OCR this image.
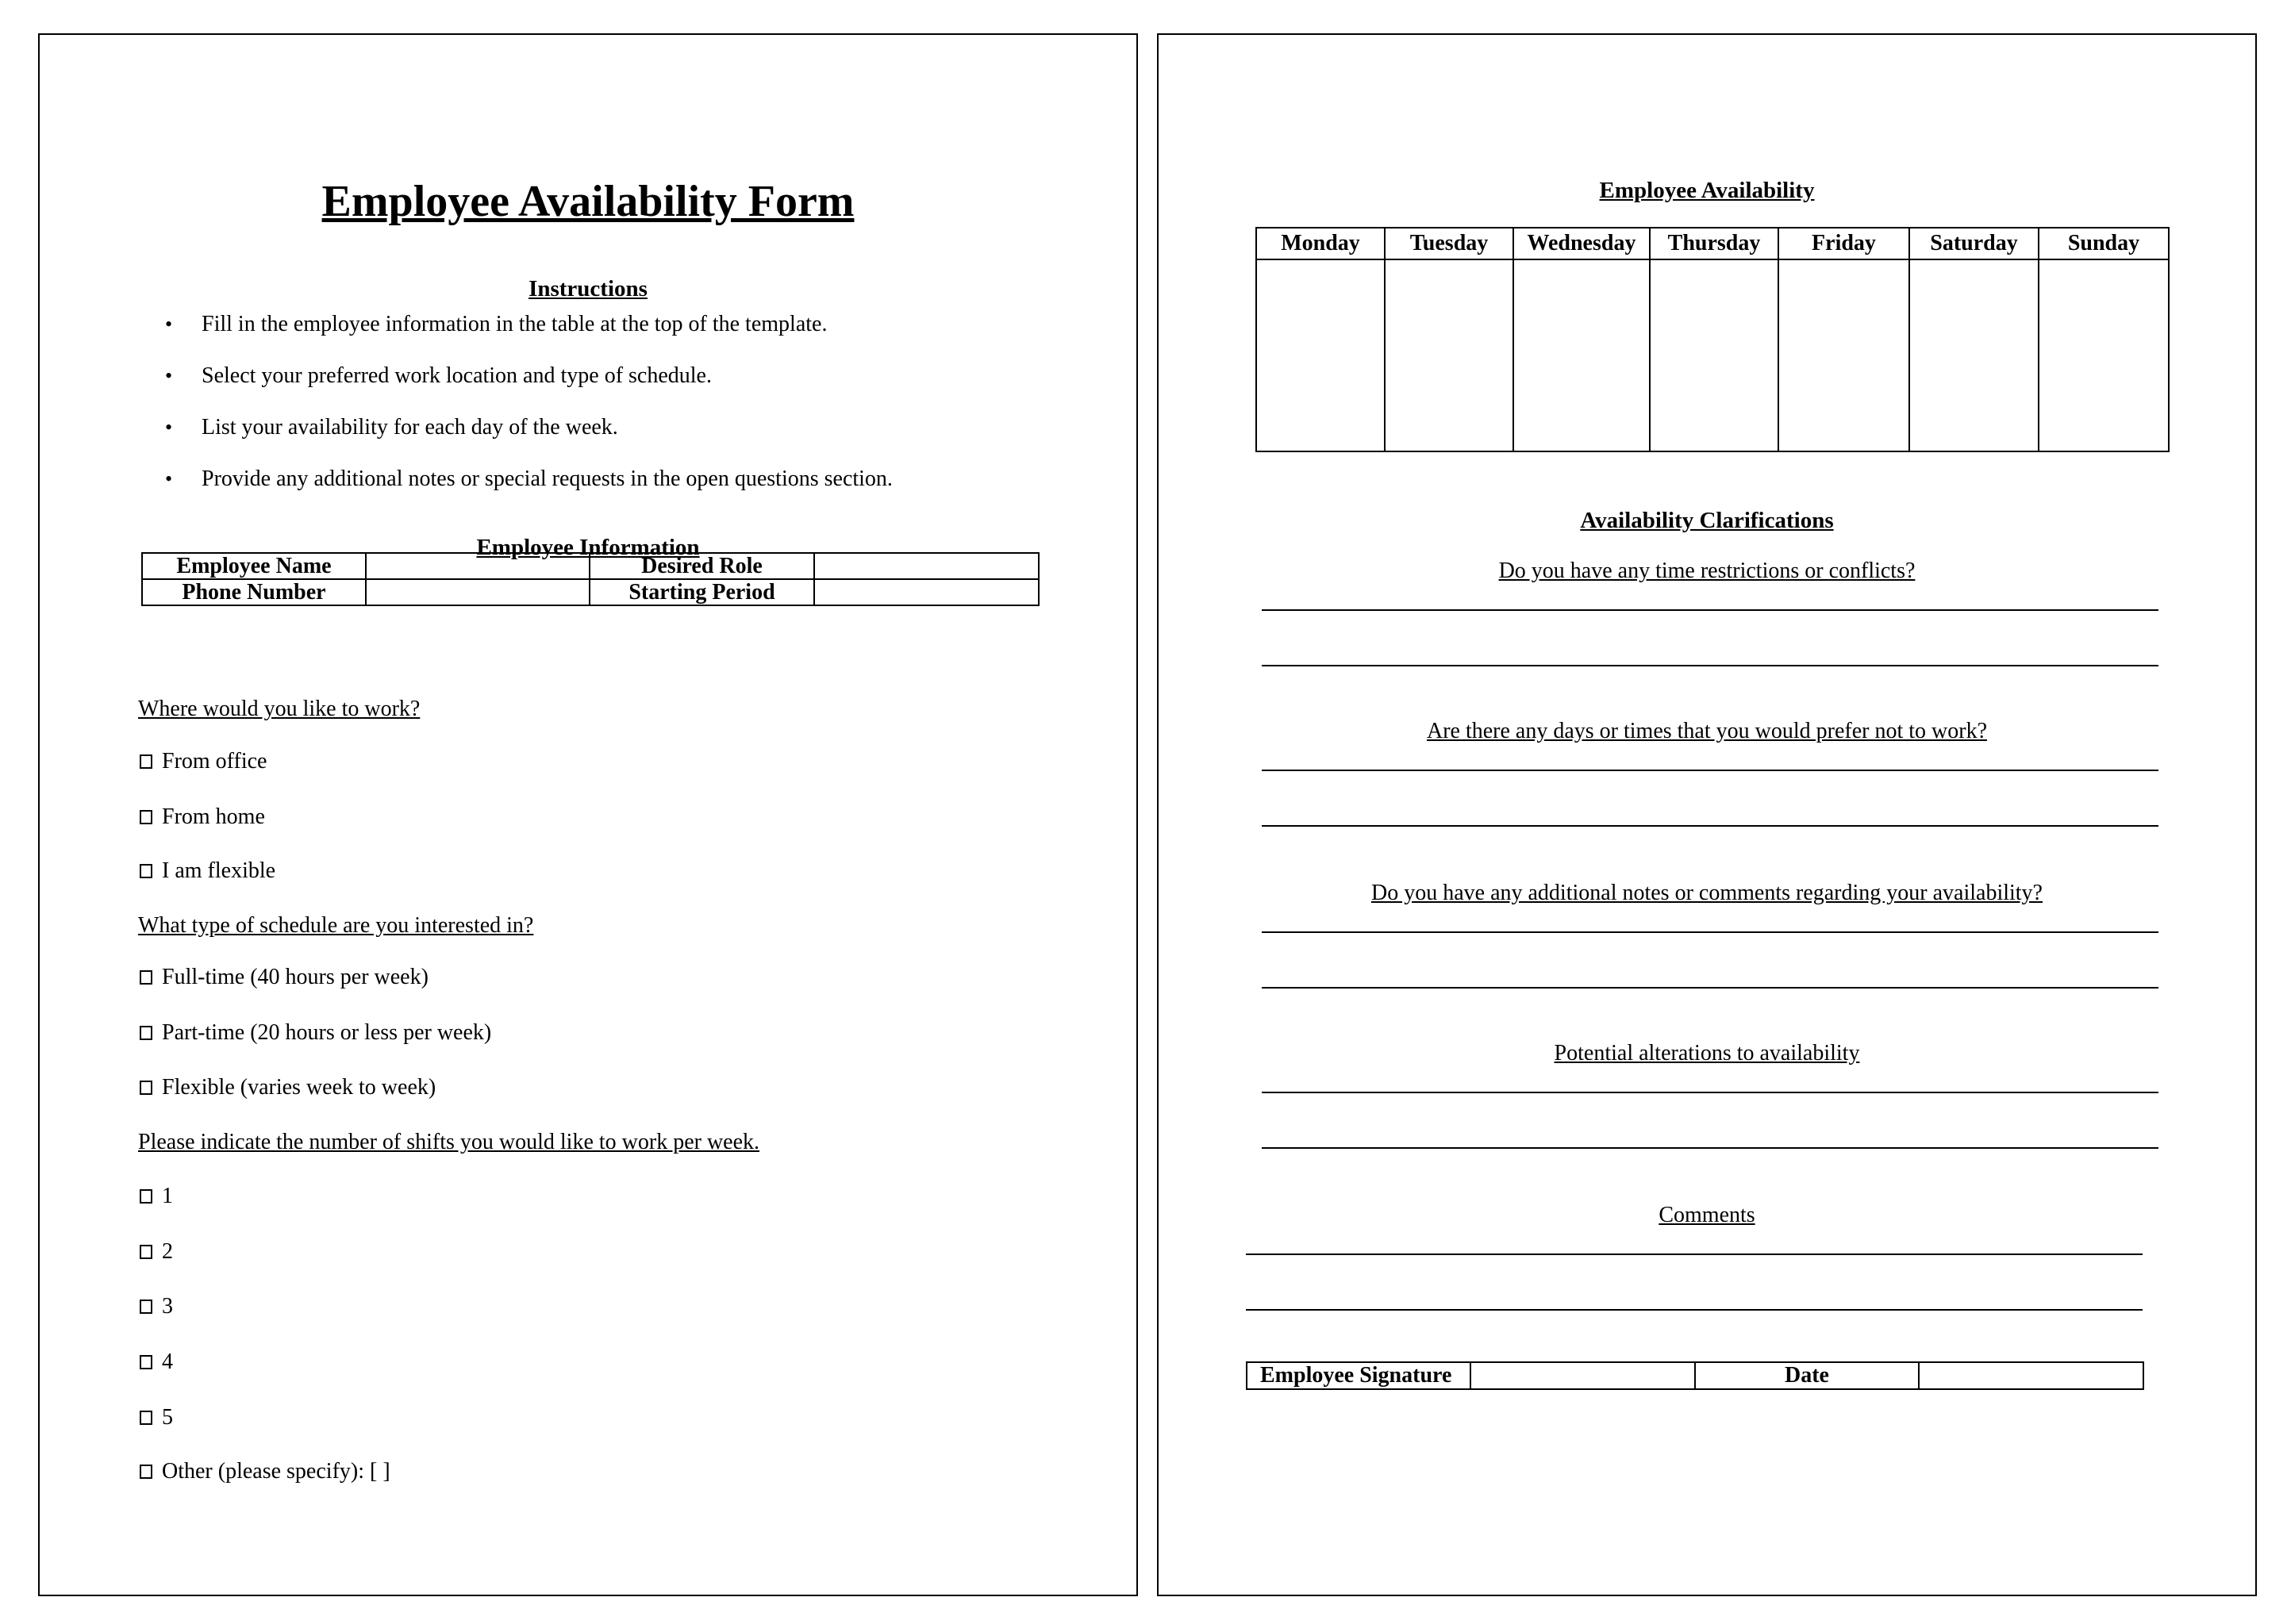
Employee Availability Form
Instructions
• Fill in the employee information in the table at the top of the template.
• Select your preferred work location and type of schedule.
• List your availability for each day of the week.
• Provide any additional notes or special requests in the open questions section.
Employee Information
Employee Name		Desired Role	
Phone Number		Starting Period	
Where would you like to work?
From office
From home
I am flexible
What type of schedule are you interested in?
Full-time (40 hours per week)
Part-time (20 hours or less per week)
Flexible (varies week to week)
Please indicate the number of shifts you would like to work per week.
1
2
3
4
5
Other (please specify): [ ]
Employee Availability
Monday	Tuesday	Wednesday	Thursday	Friday	Saturday	Sunday

Availability Clarifications
Do you have any time restrictions or conflicts?
Are there any days or times that you would prefer not to work?
Do you have any additional notes or comments regarding your availability?
Potential alterations to availability
Comments
Employee Signature		Date	
